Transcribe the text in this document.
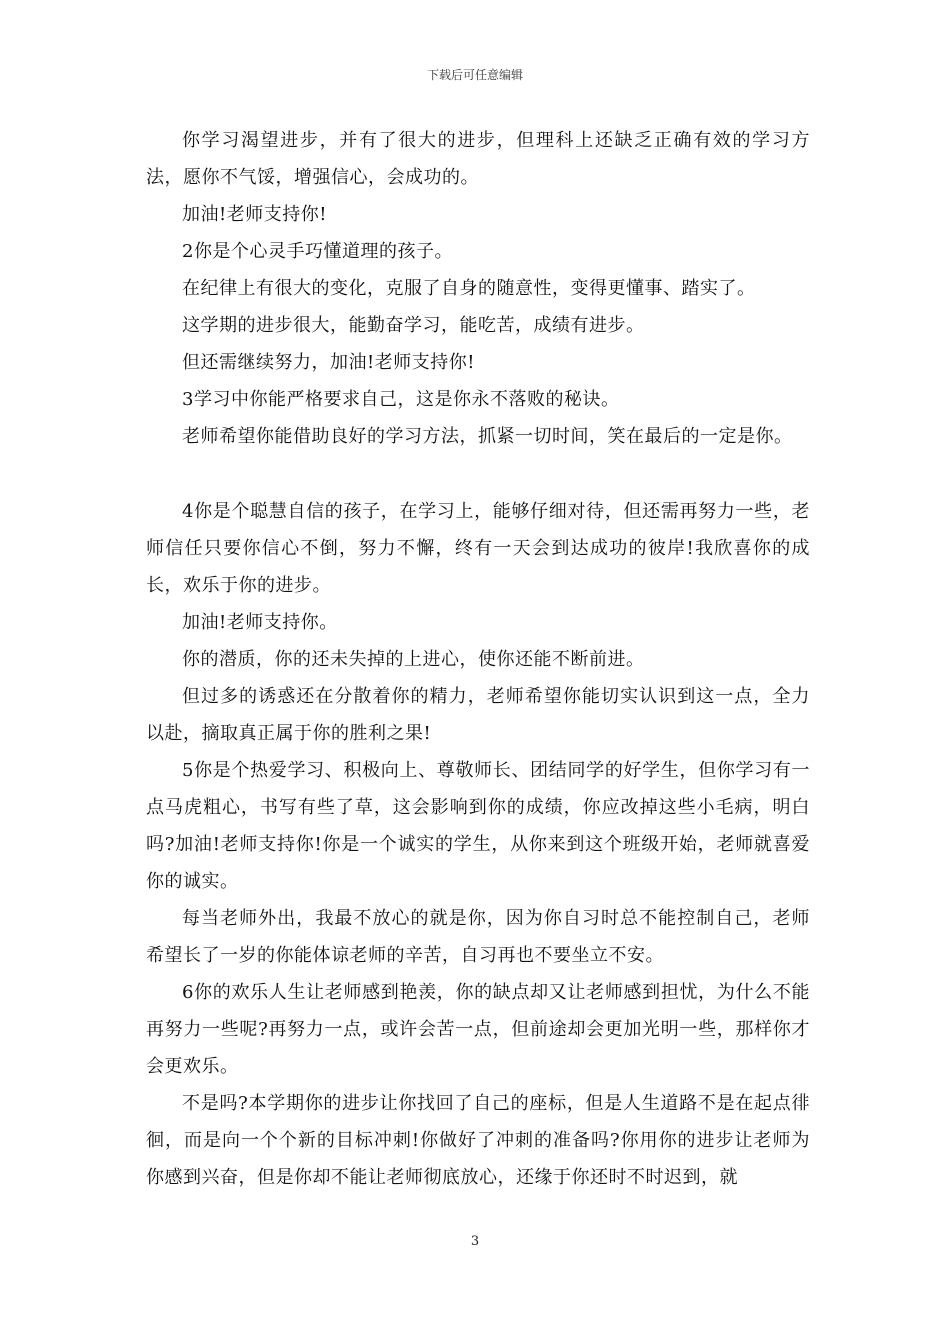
下载后可任意编辑

你学习渴望进步，并有了很大的进步，但理科上还缺乏正确有效的学习方法，愿你不气馁，增强信心，会成功的。

加油!老师支持你!

2你是个心灵手巧懂道理的孩子。

在纪律上有很大的变化，克服了自身的随意性，变得更懂事、踏实了。

这学期的进步很大，能勤奋学习，能吃苦，成绩有进步。

但还需继续努力，加油!老师支持你!

3学习中你能严格要求自己，这是你永不落败的秘诀。

老师希望你能借助良好的学习方法，抓紧一切时间，笑在最后的一定是你。

4你是个聪慧自信的孩子，在学习上，能够仔细对待，但还需再努力一些，老师信任只要你信心不倒，努力不懈，终有一天会到达成功的彼岸!我欣喜你的成长，欢乐于你的进步。

加油!老师支持你。

你的潜质，你的还未失掉的上进心，使你还能不断前进。

但过多的诱惑还在分散着你的精力，老师希望你能切实认识到这一点，全力以赴，摘取真正属于你的胜利之果!

5你是个热爱学习、积极向上、尊敬师长、团结同学的好学生，但你学习有一点马虎粗心，书写有些了草，这会影响到你的成绩，你应改掉这些小毛病，明白吗?加油!老师支持你!你是一个诚实的学生，从你来到这个班级开始，老师就喜爱你的诚实。

每当老师外出，我最不放心的就是你，因为你自习时总不能控制自己，老师希望长了一岁的你能体谅老师的辛苦，自习再也不要坐立不安。

6你的欢乐人生让老师感到艳羡，你的缺点却又让老师感到担忧，为什么不能再努力一些呢?再努力一点，或许会苦一点，但前途却会更加光明一些，那样你才会更欢乐。

不是吗?本学期你的进步让你找回了自己的座标，但是人生道路不是在起点徘徊，而是向一个个新的目标冲刺!你做好了冲刺的准备吗?你用你的进步让老师为你感到兴奋，但是你却不能让老师彻底放心，还缘于你还时不时迟到，就

3
